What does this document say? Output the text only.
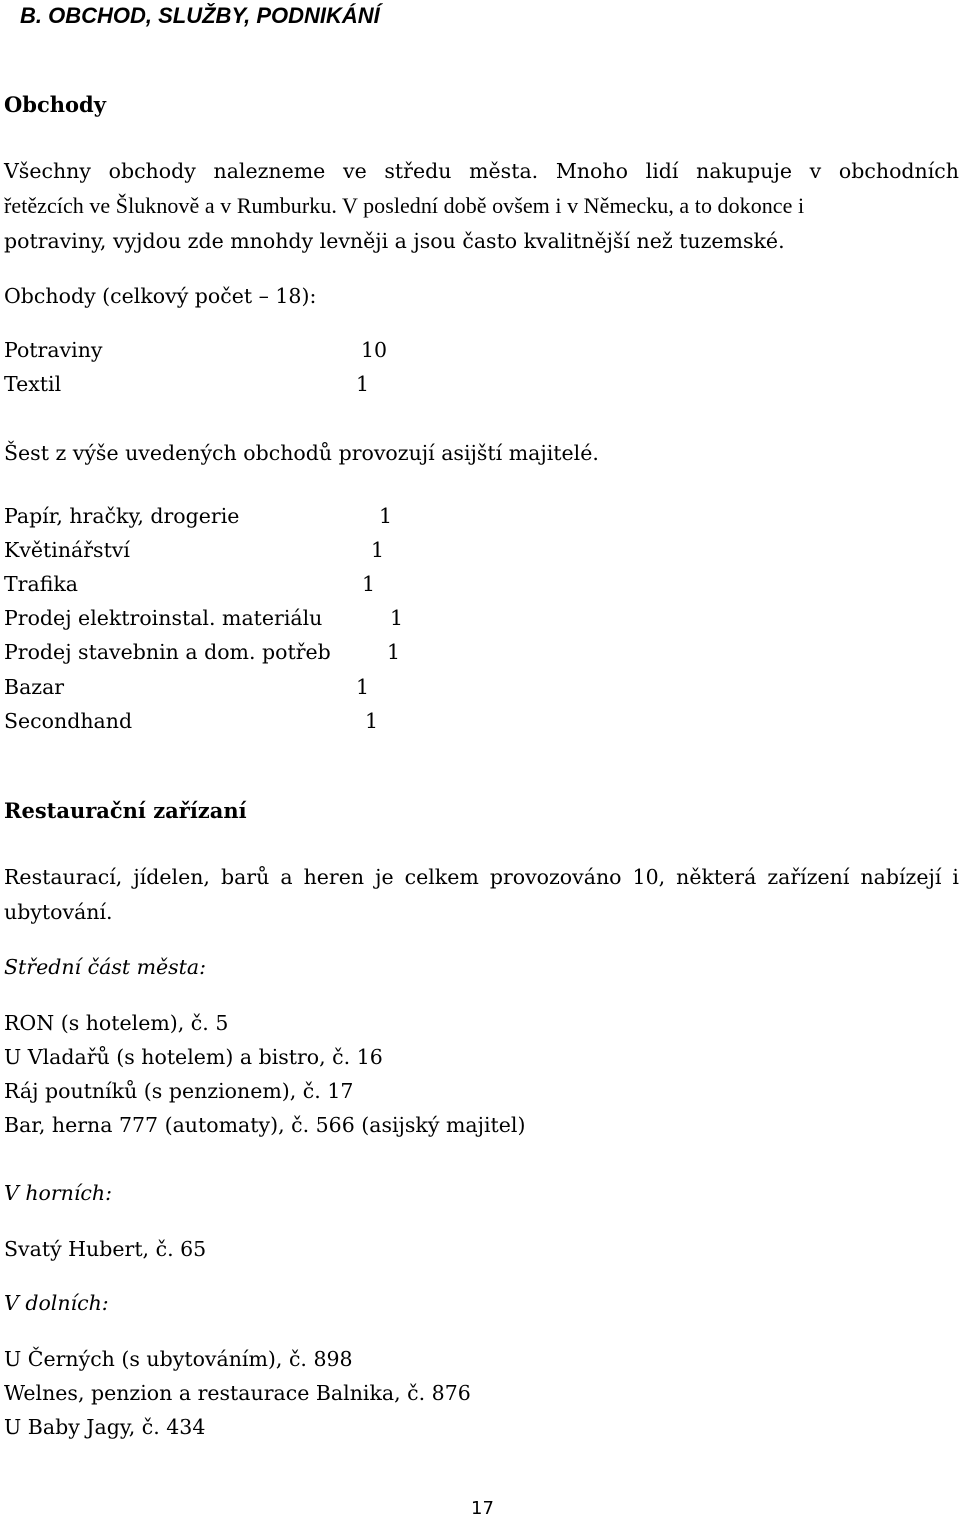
B. OBCHOD, SLUŽBY, PODNIKÁNÍ
Obchody
Všechny obchody nalezneme ve středu města. Mnoho lidí nakupuje v obchodních
řetězcích ve Šluknově a v Rumburku. V poslední době ovšem i v Německu, a to dokonce i
potraviny, vyjdou zde mnohdy levněji a jsou často kvalitnější než tuzemské.
Obchody (celkový počet – 18):
Potraviny	10
Textil	1
Šest z výše uvedených obchodů provozují asijští majitelé.
Papír, hračky, drogerie	1
Květinářství	1
Trafika	1
Prodej elektroinstal. materiálu	1
Prodej stavebnin a dom. potřeb	1
Bazar	1
Secondhand	1
Restaurační zařízaní
Restaurací, jídelen, barů a heren je celkem provozováno 10, některá zařízení nabízejí i
ubytování.
Střední část města:
RON (s hotelem), č. 5
U Vladařů (s hotelem) a bistro, č. 16
Ráj poutníků (s penzionem), č. 17
Bar, herna 777 (automaty), č. 566 (asijský majitel)
V horních:
Svatý Hubert, č. 65
V dolních:
U Černých (s ubytováním), č. 898
Welnes, penzion a restaurace Balnika, č. 876
U Baby Jagy, č. 434
17
